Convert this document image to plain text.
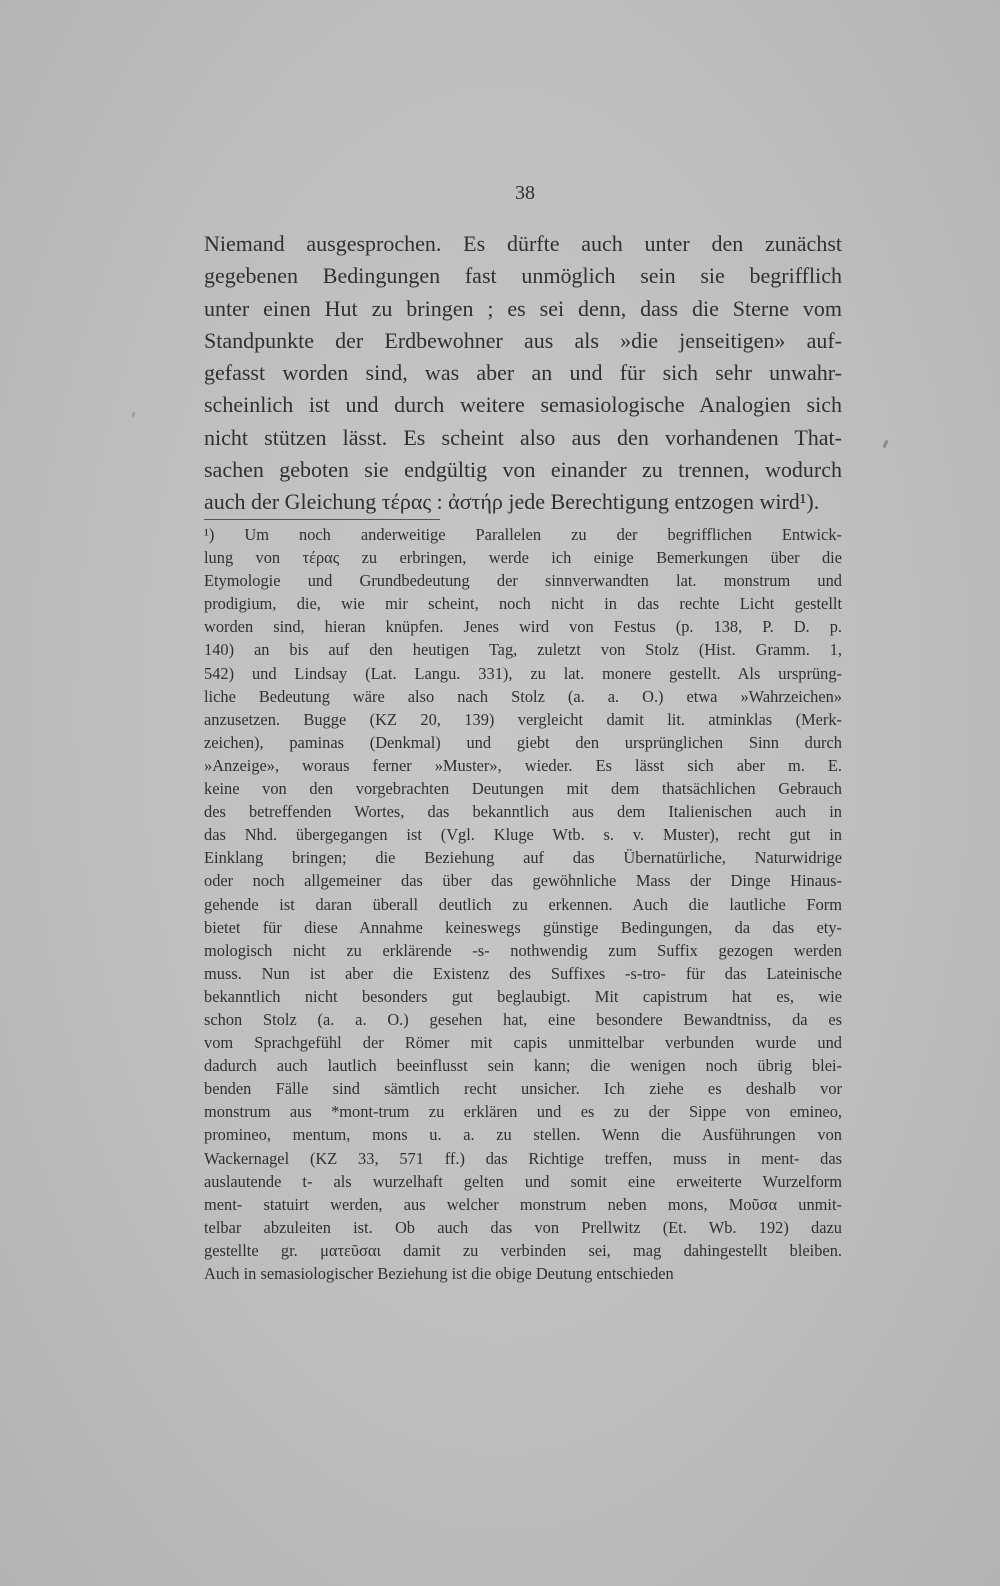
38
Niemand ausgesprochen. Es dürfte auch unter den zunächst
gegebenen Bedingungen fast unmöglich sein sie begrifflich
unter einen Hut zu bringen ; es sei denn, dass die Sterne vom
Standpunkte der Erdbewohner aus als »die jenseitigen» auf-
gefasst worden sind, was aber an und für sich sehr unwahr-
scheinlich ist und durch weitere semasiologische Analogien sich
nicht stützen lässt. Es scheint also aus den vorhandenen That-
sachen geboten sie endgültig von einander zu trennen, wodurch
auch der Gleichung τέρας : ἀστήρ jede Berechtigung entzogen wird¹).
¹) Um noch anderweitige Parallelen zu der begrifflichen Entwick-
lung von τέρας zu erbringen, werde ich einige Bemerkungen über die
Etymologie und Grundbedeutung der sinnverwandten lat. monstrum und
prodigium, die, wie mir scheint, noch nicht in das rechte Licht gestellt
worden sind, hieran knüpfen. Jenes wird von Festus (p. 138, P. D. p.
140) an bis auf den heutigen Tag, zuletzt von Stolz (Hist. Gramm. 1,
542) und Lindsay (Lat. Langu. 331), zu lat. monere gestellt. Als ursprüng-
liche Bedeutung wäre also nach Stolz (a. a. O.) etwa »Wahrzeichen»
anzusetzen. Bugge (KZ 20, 139) vergleicht damit lit. atminklas (Merk-
zeichen), paminas (Denkmal) und giebt den ursprünglichen Sinn durch
»Anzeige», woraus ferner »Muster», wieder. Es lässt sich aber m. E.
keine von den vorgebrachten Deutungen mit dem thatsächlichen Gebrauch
des betreffenden Wortes, das bekanntlich aus dem Italienischen auch in
das Nhd. übergegangen ist (Vgl. Kluge Wtb. s. v. Muster), recht gut in
Einklang bringen; die Beziehung auf das Übernatürliche, Naturwidrige
oder noch allgemeiner das über das gewöhnliche Mass der Dinge Hinaus-
gehende ist daran überall deutlich zu erkennen. Auch die lautliche Form
bietet für diese Annahme keineswegs günstige Bedingungen, da das ety-
mologisch nicht zu erklärende -s- nothwendig zum Suffix gezogen werden
muss. Nun ist aber die Existenz des Suffixes -s-tro- für das Lateinische
bekanntlich nicht besonders gut beglaubigt. Mit capistrum hat es, wie
schon Stolz (a. a. O.) gesehen hat, eine besondere Bewandtniss, da es
vom Sprachgefühl der Römer mit capis unmittelbar verbunden wurde und
dadurch auch lautlich beeinflusst sein kann; die wenigen noch übrig blei-
benden Fälle sind sämtlich recht unsicher. Ich ziehe es deshalb vor
monstrum aus *mont-trum zu erklären und es zu der Sippe von emineo,
promineo, mentum, mons u. a. zu stellen. Wenn die Ausführungen von
Wackernagel (KZ 33, 571 ff.) das Richtige treffen, muss in ment- das
auslautende t- als wurzelhaft gelten und somit eine erweiterte Wurzelform
ment- statuirt werden, aus welcher monstrum neben mons, Μοῦσα unmit-
telbar abzuleiten ist. Ob auch das von Prellwitz (Et. Wb. 192) dazu
gestellte gr. ματεῦσαι damit zu verbinden sei, mag dahingestellt bleiben.
Auch in semasiologischer Beziehung ist die obige Deutung entschieden
